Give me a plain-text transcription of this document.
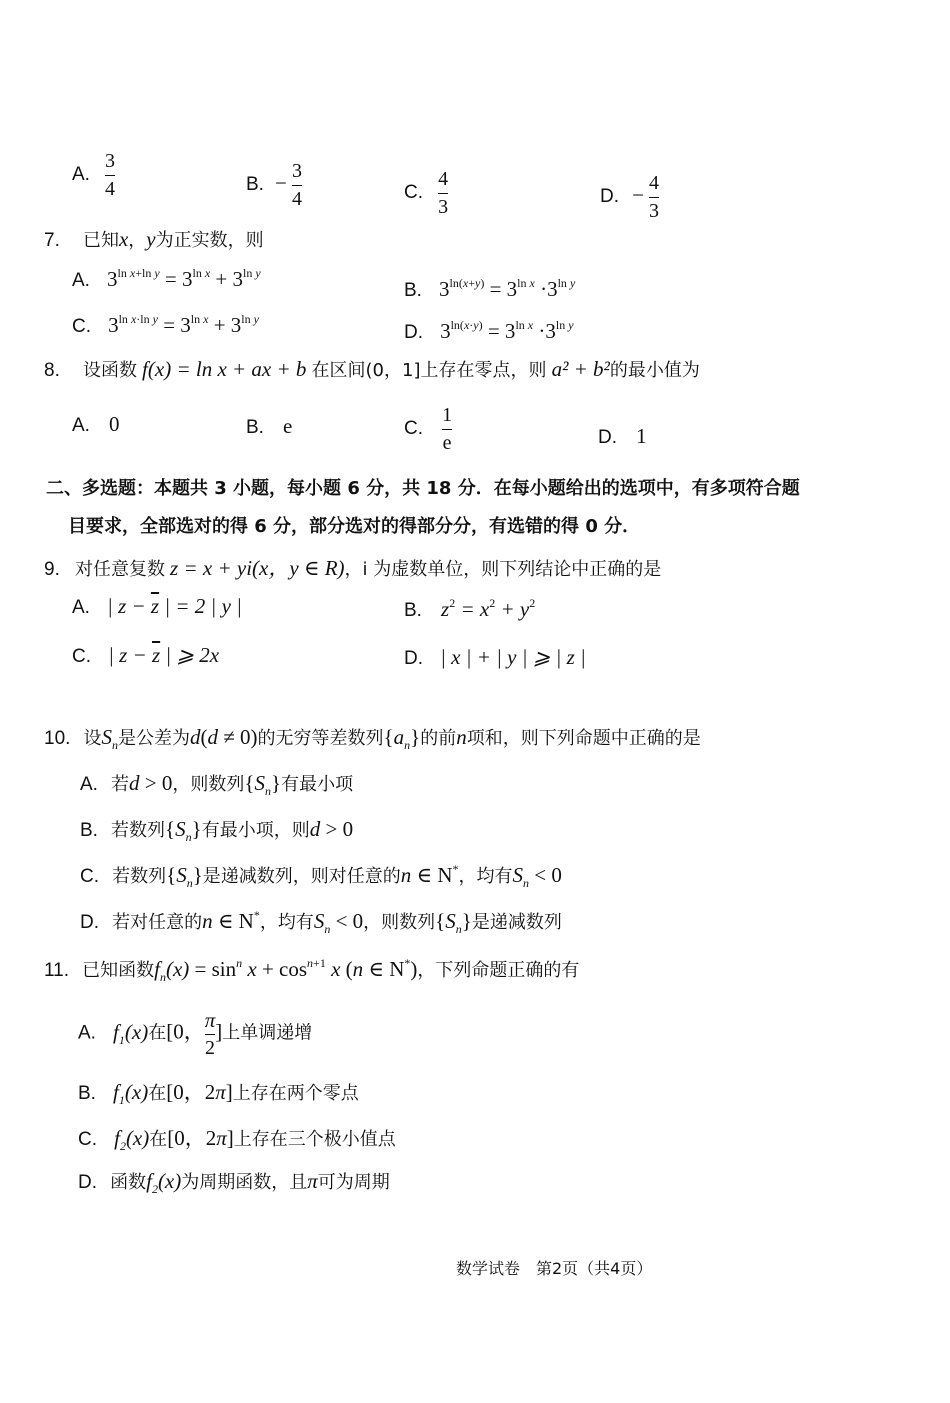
A. $\frac{3}{4}$	B. − $\frac{3}{4}$	C. $\frac{4}{3}$	D. − $\frac{4}{3}$
7. 已知x，y为正实数，则
A. $3^{ln x+ln y} = 3^{ln x} + 3^{ln y}$
B. $3^{ln(x+y)} = 3^{ln x} \cdot 3^{ln y}$
C. $3^{ln x\cdot ln y} = 3^{ln x} + 3^{ln y}$
D. $3^{ln(x\cdot y)} = 3^{ln x} \cdot 3^{ln y}$
8. 设函数 f(x) = ln x + ax + b 在区间(0，1]上存在零点，则 a² + b²的最小值为
A. 0	B. e	C. $\frac{1}{e}$	D. 1
二、多选题：本题共 3 小题，每小题 6 分，共 18 分．在每小题给出的选项中，有多项符合题
目要求，全部选对的得 6 分，部分选对的得部分分，有选错的得 0 分．
9. 对任意复数 z = x + yi(x，y ∈ R)，i 为虚数单位，则下列结论中正确的是
A. | $z - \overline{z}$ | = 2 | y |	B. $z^2 = x^2 + y^2$
C. | $z - \overline{z}$ | ⩾ 2x	D. | x | + | y | ⩾ | z |
10. 设$S_n$是公差为d(d ≠ 0)的无穷等差数列$\{a_n\}$的前n项和，则下列命题中正确的是
A. 若d > 0，则数列$\{S_n\}$有最小项
B. 若数列$\{S_n\}$有最小项，则d > 0
C. 若数列$\{S_n\}$是递减数列，则对任意的n ∈ N*，均有$S_n < 0$
D. 若对任意的n ∈ N*，均有$S_n < 0$，则数列$\{S_n\}$是递减数列
11. 已知函数$f_n(x) = \sin^n x + \cos^{n+1} x$ (n ∈ N*)，下列命题正确的有
A. $f_1(x)$在[0， $\frac{\pi}{2}$ ]上单调递增
B. $f_1(x)$在[0，2π]上存在两个零点
C. $f_2(x)$在[0，2π]上存在三个极小值点
D. 函数$f_2(x)$为周期函数，且π可为周期
数学试卷　第2页（共4页）
